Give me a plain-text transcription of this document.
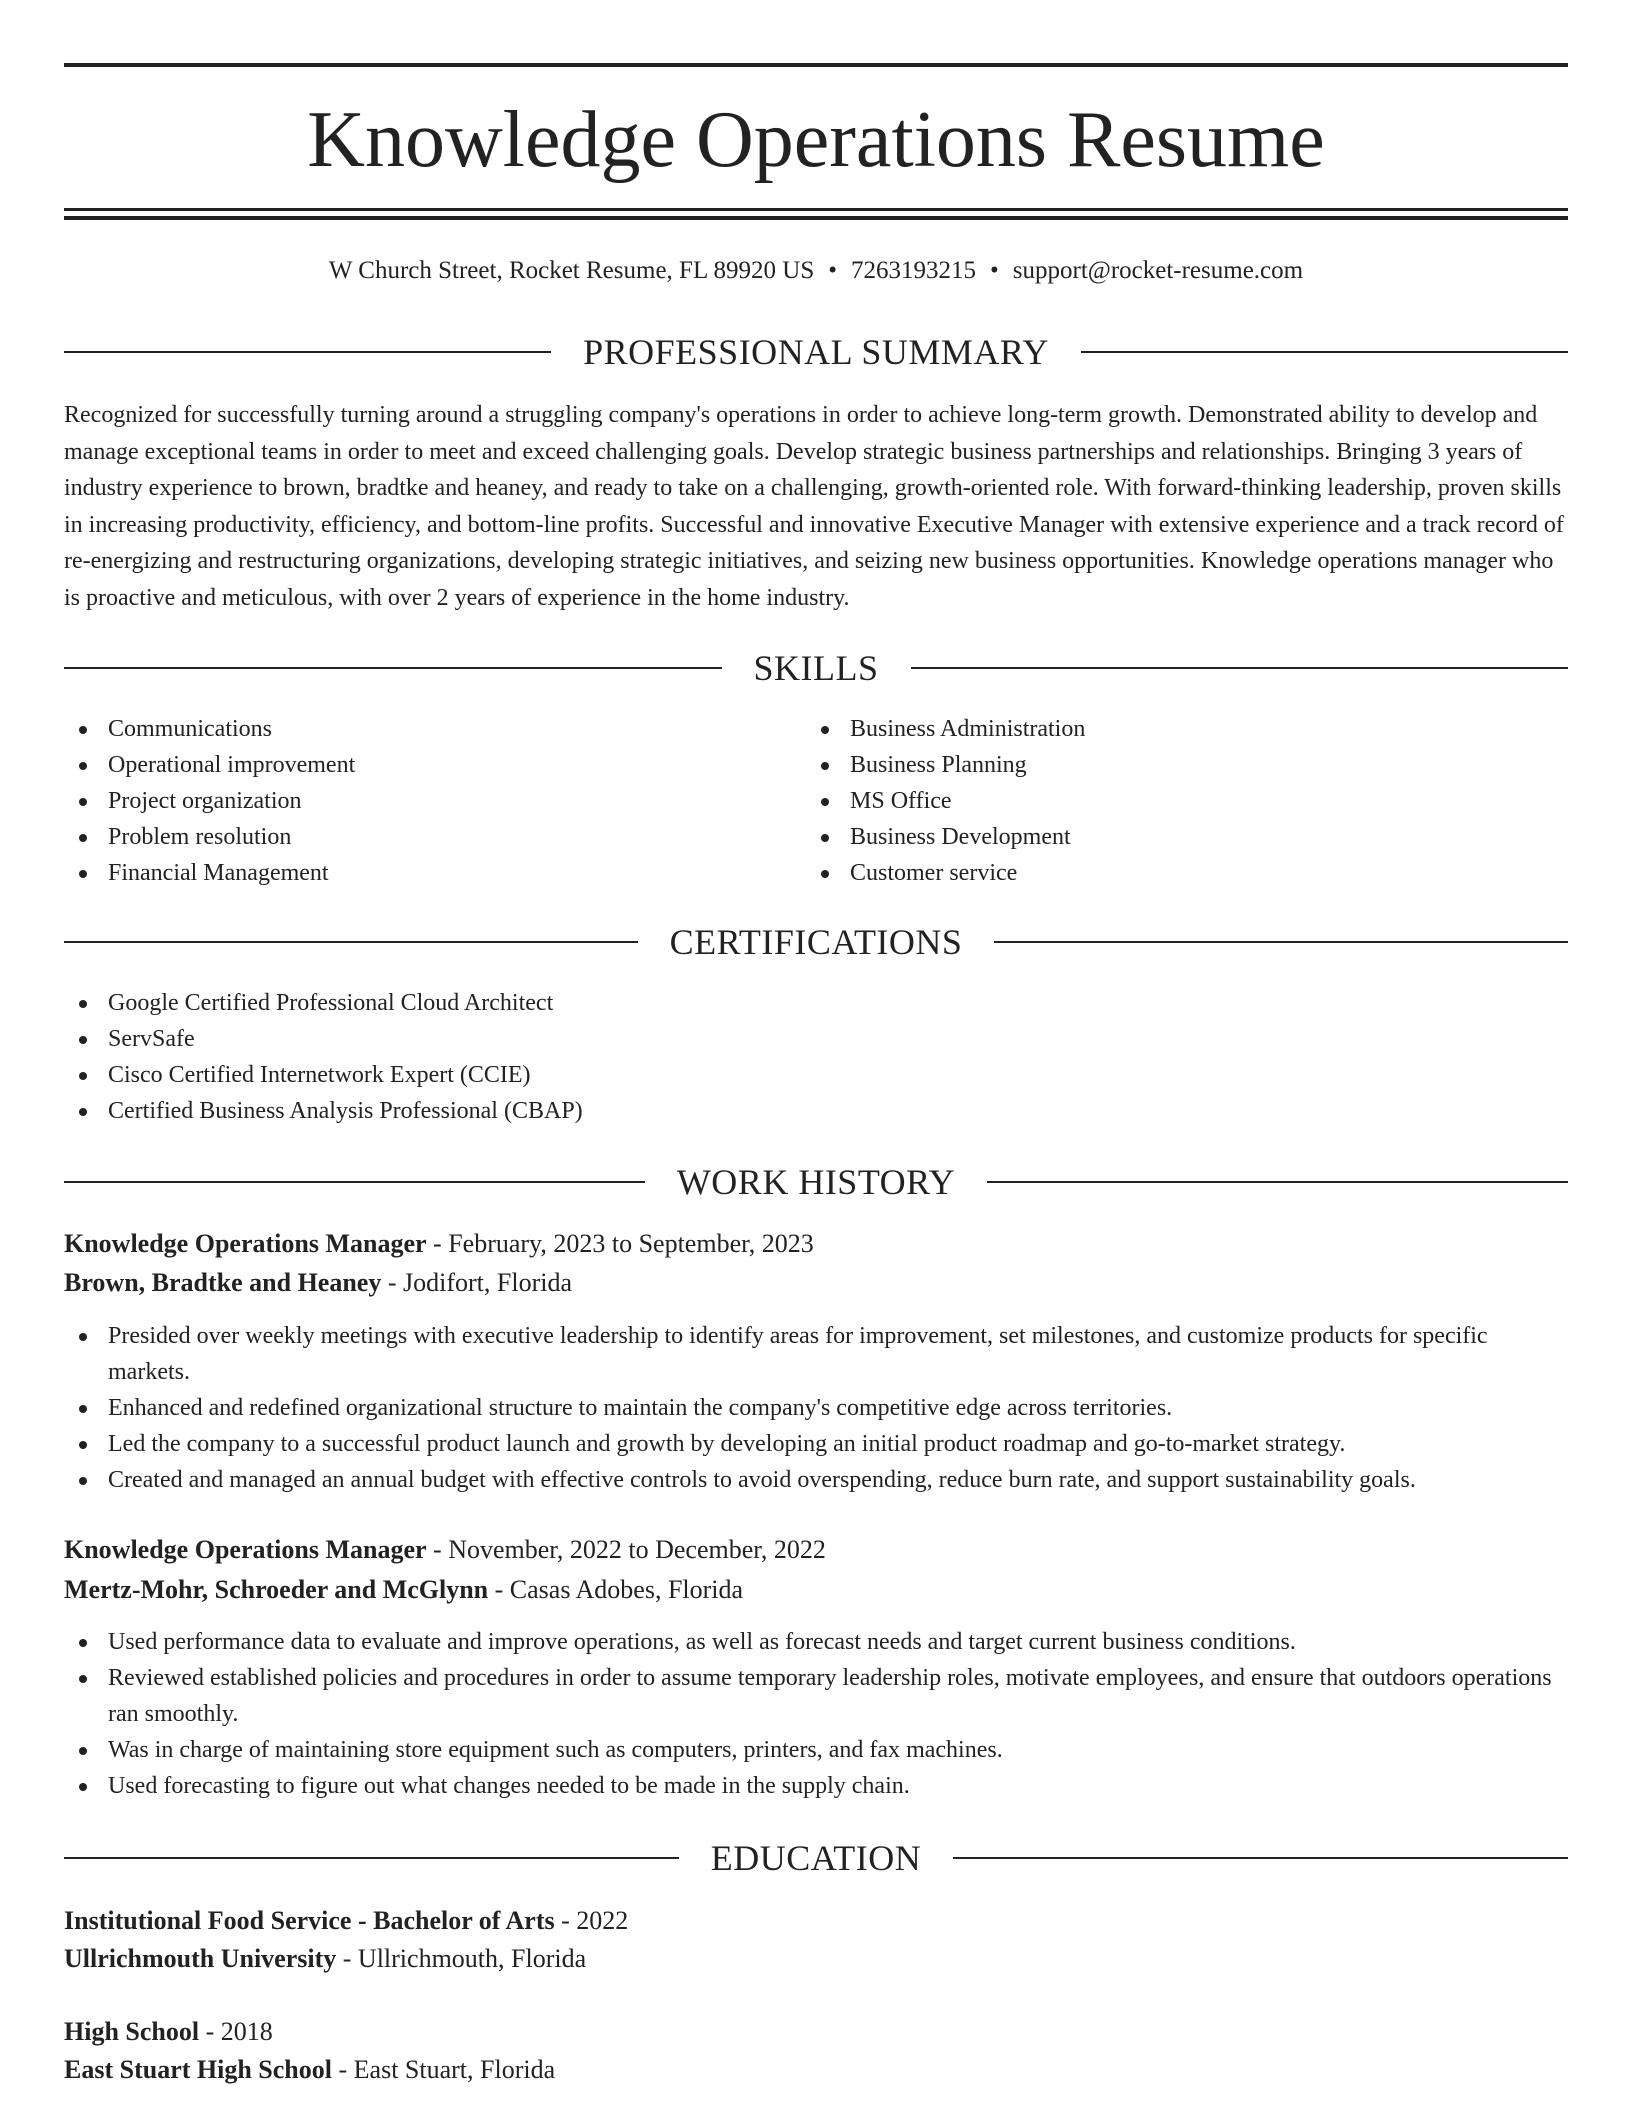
Knowledge Operations Resume
W Church Street, Rocket Resume, FL 89920 US • 7263193215 • support@rocket-resume.com
PROFESSIONAL SUMMARY
Recognized for successfully turning around a struggling company's operations in order to achieve long-term growth. Demonstrated ability to develop and manage exceptional teams in order to meet and exceed challenging goals. Develop strategic business partnerships and relationships. Bringing 3 years of industry experience to brown, bradtke and heaney, and ready to take on a challenging, growth-oriented role. With forward-thinking leadership, proven skills in increasing productivity, efficiency, and bottom-line profits. Successful and innovative Executive Manager with extensive experience and a track record of re-energizing and restructuring organizations, developing strategic initiatives, and seizing new business opportunities. Knowledge operations manager who is proactive and meticulous, with over 2 years of experience in the home industry.
SKILLS
Communications
Operational improvement
Project organization
Problem resolution
Financial Management
Business Administration
Business Planning
MS Office
Business Development
Customer service
CERTIFICATIONS
Google Certified Professional Cloud Architect
ServSafe
Cisco Certified Internetwork Expert (CCIE)
Certified Business Analysis Professional (CBAP)
WORK HISTORY
Knowledge Operations Manager - February, 2023 to September, 2023
Brown, Bradtke and Heaney - Jodifort, Florida
Presided over weekly meetings with executive leadership to identify areas for improvement, set milestones, and customize products for specific markets.
Enhanced and redefined organizational structure to maintain the company's competitive edge across territories.
Led the company to a successful product launch and growth by developing an initial product roadmap and go-to-market strategy.
Created and managed an annual budget with effective controls to avoid overspending, reduce burn rate, and support sustainability goals.
Knowledge Operations Manager - November, 2022 to December, 2022
Mertz-Mohr, Schroeder and McGlynn - Casas Adobes, Florida
Used performance data to evaluate and improve operations, as well as forecast needs and target current business conditions.
Reviewed established policies and procedures in order to assume temporary leadership roles, motivate employees, and ensure that outdoors operations ran smoothly.
Was in charge of maintaining store equipment such as computers, printers, and fax machines.
Used forecasting to figure out what changes needed to be made in the supply chain.
EDUCATION
Institutional Food Service - Bachelor of Arts - 2022
Ullrichmouth University - Ullrichmouth, Florida
High School - 2018
East Stuart High School - East Stuart, Florida
